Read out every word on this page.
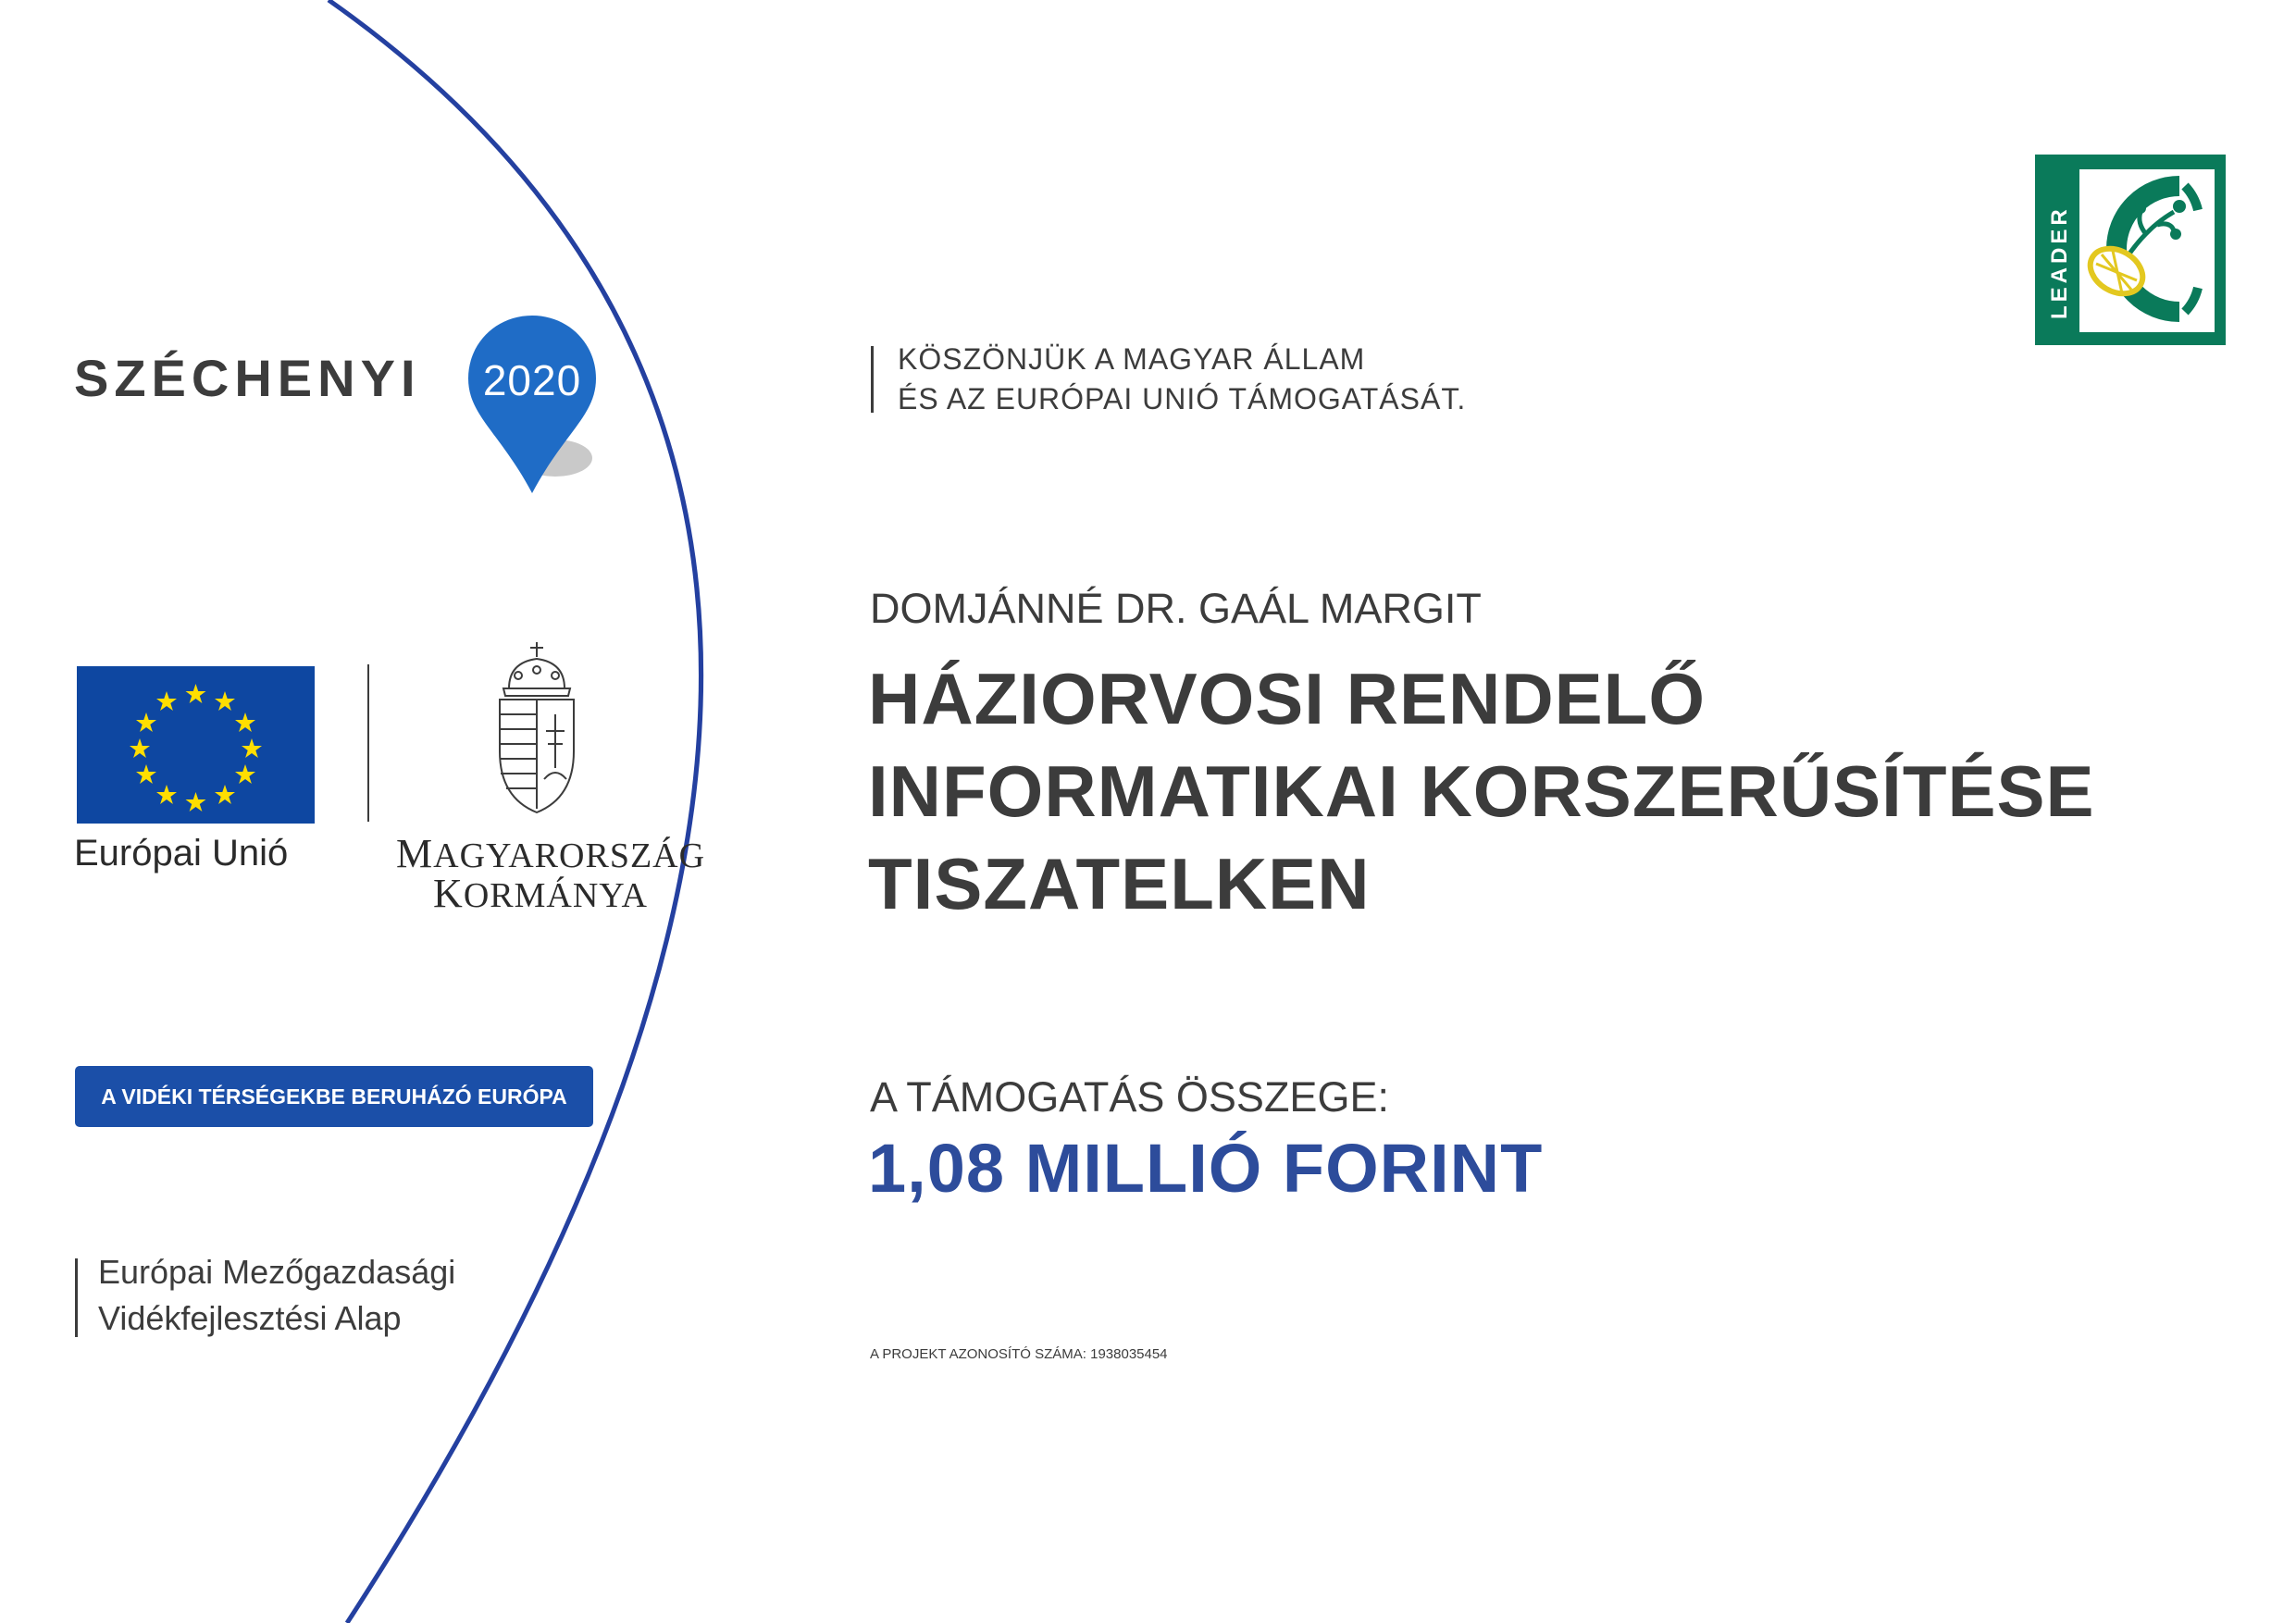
SZÉCHENYI	2020
Európai Unió	MAGYARORSZÁG
KORMÁNYA
A VIDÉKI TÉRSÉGEKBE BERUHÁZÓ EURÓPA
Európai Mezőgazdasági
Vidékfejlesztési Alap
KÖSZÖNJÜK A MAGYAR ÁLLAM
ÉS AZ EURÓPAI UNIÓ TÁMOGATÁSÁT.
LEADER
DOMJÁNNÉ DR. GAÁL MARGIT
HÁZIORVOSI RENDELŐ
INFORMATIKAI KORSZERŰSÍTÉSE
TISZATELKEN
A TÁMOGATÁS ÖSSZEGE:
1,08 MILLIÓ FORINT
A PROJEKT AZONOSÍTÓ SZÁMA: 1938035454
